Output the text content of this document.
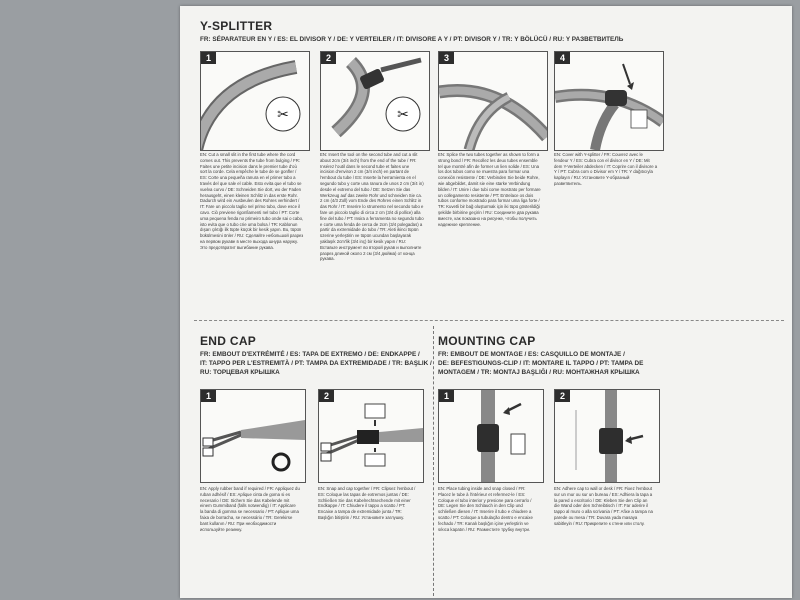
Y-SPLITTER
FR: SÉPARATEUR EN Y / ES: EL DIVISOR Y / DE: Y VERTEILER / IT: DIVISORE A Y / PT: DIVISOR Y / TR: Y BÖLÜCÜ / RU: Y РАЗВЕТВИТЕЛЬ
1
✂
EN: Cut a small slit in the first tube where the cord comes out. This prevents the tube from bulging / FR: Faites une petite incision dans le premier tube d'où sort la corde. Cela empêche le tube de se gonfler / ES: Corte una pequeña ranura en el primer tubo a través del que sale el cable. Esto evita que el tubo se vuelva curvo / DE: Schneiden Sie dort, wo der Faden herausgeht, einen kleinen Schlitz in das erste Rohr. Dadurch wird ein Ausbeulen des Rohres verhindert / IT: Fare un piccolo taglio nel primo tubo, dove esce il cavo. Ciò previene rigonfiamenti nel tubo / PT: Corte uma pequena fenda no primeiro tubo onde sai o cabo, isto evita que o tubo crie uma bolsa / TR: Kablonun dışarı çıktığı ilk tüpte küçük bir kesik yapın. Bu, tüpün bükülmesini önler / RU: Сделайте небольшой разрез на первом рукаве в месте выхода шнура наружу. Это предотвратит выгибание рукава.
2
✂
EN: Insert the tool on the second tube and cut a slit about 2cm (3/4 inch) from the end of the tube / FR: Insérez l'outil dans le second tube et faites une incision d'environ 2 cm (3/4 inch) en partant de l'embout du tube / ES: Inserte la herramienta en el segundo tubo y corte una ranura de unos 2 cm (3/4 in) desde el extremo del tubo / DE: Setzen Sie das Werkzeug auf das zweite Rohr und schneiden Sie ca. 2 cm (4/3 Zoll) vom Ende des Rohres einen Schlitz in das Rohr / IT: Inserire lo strumento nel secondo tubo e fare un piccolo taglio di circa 2 cm (3/4 di pollice) alla fine del tubo / PT: Insira a ferramenta no segundo tubo e corte uma fenda de cerca de 2cm (3/4 polegadas) a partir da extremidade do tubo / TR: Aleti ikinci tüpün üzerine yerleştirin ve tüpün ucundan başlayarak yaklaşık 2cm'lik (3/4 inç) bir kesik yapın / RU: Вставьте инструмент во второй рукав и выполните разрез длиной около 2 см (3/4 дюйма) от конца рукава.
3
EN: Splice the two tubes together as shown to form a strong bond / FR: Recollez les deux tubes ensemble tel que montré afin de former un lien solide / ES: Una los dos tubos como se muestra para formar una conexión resistente / DE: Verbinden Sie beide Rohre, wie abgebildet, damit sie eine starke Verbindung bilden / IT: Unire i due tubi come mostrato per formare un collegamento resistente / PT: Entrelace os dois tubos conforme mostrado para formar uma liga forte / TR: Kuvetli bir bağ oluşturmak için iki tüpü gösterildiği şekilde birbirine geçirin / RU: Соедините два рукава вместе, как показано на рисунке, чтобы получить надежное крепление.
4
EN: Cover with Y-splitter / FR: Couvrez avec le fendeur Y / ES: Cubra con el divisor en Y / DE: Mit dem Y-Verteiler abdecken / IT: Coprire con il divisore a Y / PT: Cubra com o Divisor em Y / TR: Y dağıtıcıyla kaplayın / RU: Установите Y-образный разветвитель.
END CAP
FR: EMBOUT D'EXTRÉMITÉ / ES: TAPA DE EXTREMO / DE: ENDKAPPE /
IT: TAPPO PER L'ESTREMITÀ / PT: TAMPA DA EXTREMIDADE / TR: BAŞLIK /
RU: ТОРЦЕВАЯ КРЫШКА
1
EN: Apply rubber band if required / FR: Appliquez du ruban adhésif / ES: Aplique cinta de goma si es necesario / DE: Sichern Sie das Kabelende mit einem Gummiband (falls notwendig) / IT: Applicare la banda di gomma se necessario / PT: Aplique uma faixa de borracha, se necessário / TR: Gerekirse bant kullanın / RU: При необходимости используйте резинку.
2
EN: Snap and cap together / FR: Clipsez l'embout / ES: Coloque las tapas de extremos juntas / DE: Schließen Sie das Kabelrechtsechende mit einer Endkappe / IT: Chiudere il tappo a scatto / PT: Encaixe a tampa de extremidade junta / TR: Başlığın bitiştirin / RU: Установите заглушку.
MOUNTING CAP
FR: EMBOUT DE MONTAGE / ES: CASQUILLO DE MONTAJE /
DE: BEFESTIGUNGS-CLIP / IT: MONTARE IL TAPPO / PT: TAMPA DE
MONTAGEM / TR: MONTAJ BAŞLIĞI / RU: МОНТАЖНАЯ КРЫШКА
1
EN: Place tubing inside and snap closed / FR: Placez le tube à l'intérieur et refermez-le / ES: Coloque el tubo interior y presione para cerrarlo / DE: Legen Sie den Schlauch in den Clip und schließen diesen / IT: Inserire il tubo e chiudere a scatto / PT: Coloque a tubulação dentro e encaixe fechado / TR: Kanalı başlığın içine yerleştirin ve sıkıca kapatın / RU: Разместите трубку внутри.
2
EN: Adhere cap to wall or desk / FR: Fixez l'embout sur un mur ou sur un bureau / ES: Adhiera la tapa a la pared o escritorio / DE: Kleben Sie den Clip an die Wand oder den Schreibtisch / IT: Far aderire il tappo al muro o alla scrivania / PT: Afixe a tampa na parede ou mesa / TR: Duvara yada masaya sabitleyin / RU: Прикрепите к стене или столу.
